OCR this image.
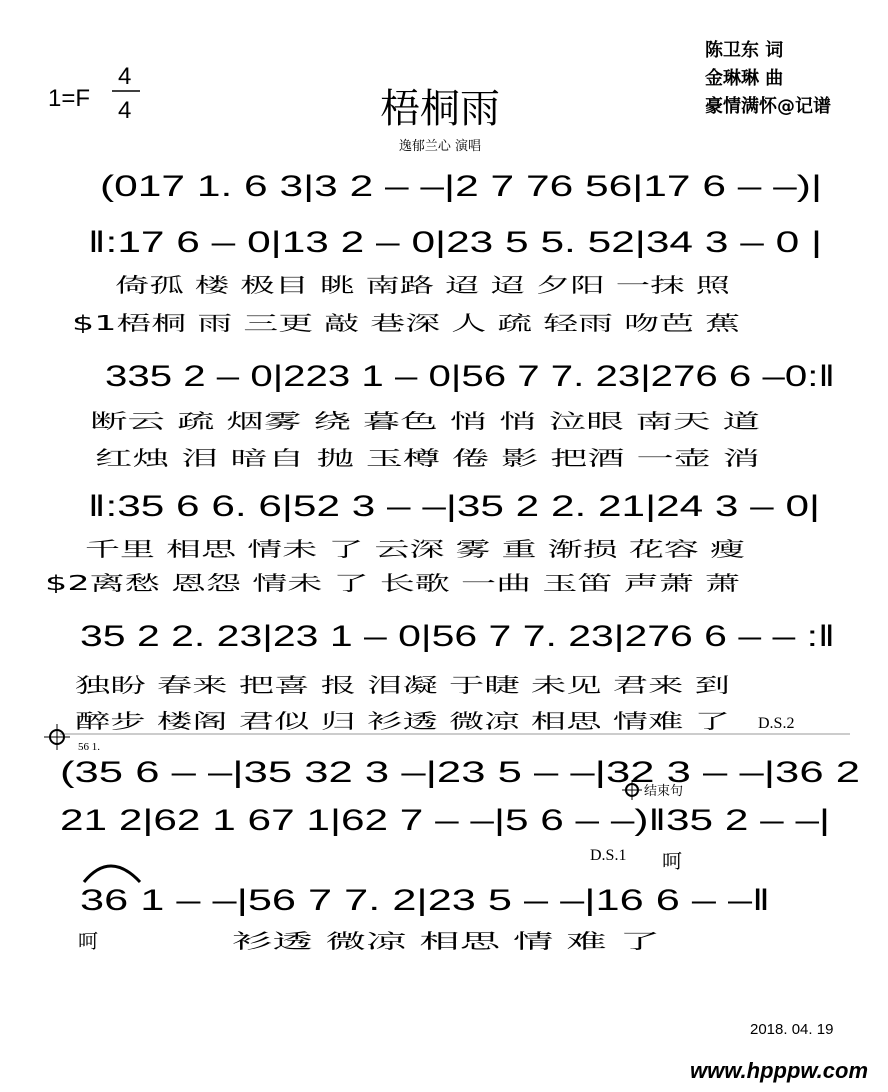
1=F
4
4	梧桐雨
逸郁兰心 演唱
陈卫东 词
金琳琳 曲
豪情满怀@记谱
(017 1. 6 3|3 2 – –|2 7 76 56|17 6 – –)|
‖:17 6 – 0|13 2 – 0|23 5 5. 52|34 3 – 0 |
倚孤 楼 极目 眺 南路 迢 迢 夕阳 一抹 照
$1梧桐 雨 三更 敲 巷深 人 疏 轻雨 吻芭 蕉
335 2 – 0|223 1 – 0|56 7 7. 23|276 6 –0:‖
断云 疏 烟雾 绕 暮色 悄 悄 泣眼 南天 道
红烛 泪 暗自 抛 玉樽 倦 影 把酒 一壶 消
‖:35 6 6. 6|52 3 – –|35 2 2. 21|24 3 – 0|
千里 相思 情未 了 云深 雾 重 渐损 花容 瘦
$2离愁 恩怨 情未 了 长歌 一曲 玉笛 声萧 萧
35 2 2. 23|23 1 – 0|56 7 7. 23|276 6 – – :‖
独盼 春来 把喜 报 泪凝 于睫 未见 君来 到
醉步 楼阁 君似 归 衫透 微凉 相思 情难 了 D.S.2
56 1.
(35 6 – –|35 32 3 –|23 5 – –|32 3 – –|36 2
结束句
21 2|62 1 67 1|62 7 – –|5 6 – –)‖35 2 – –|
D.S.1 呵
36 1 – –|56 7 7. 2|23 5 – –|16 6 – –‖
呵	衫透 微凉 相思 情 难 了
2018. 04. 19
www.hpppw.com
